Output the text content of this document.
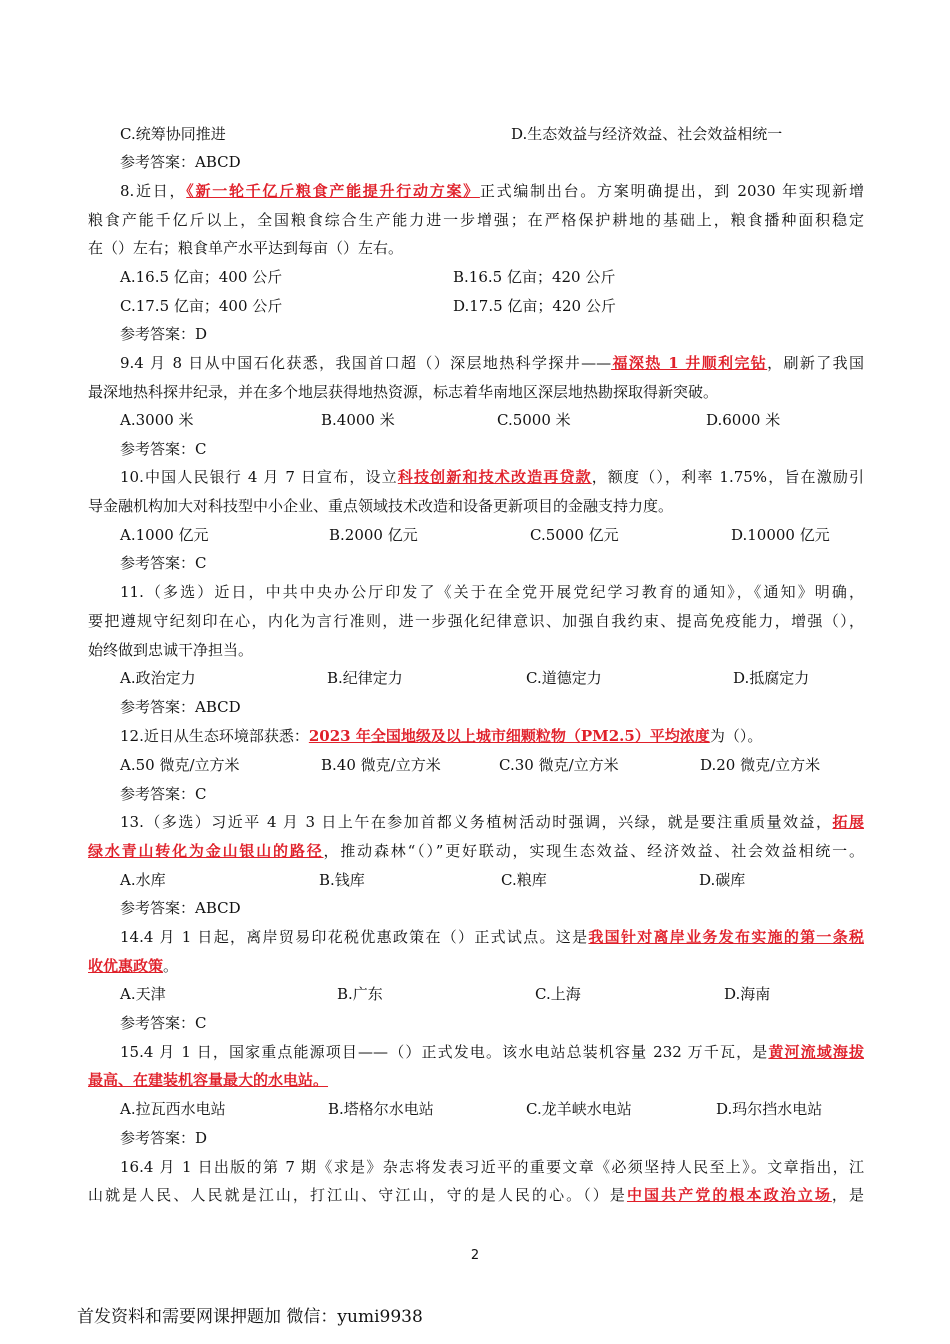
C.统筹协同推进	D.生态效益与经济效益、社会效益相统一
参考答案：ABCD
8.近日，《新一轮千亿斤粮食产能提升行动方案》正式编制出台。方案明确提出，到 2030 年实现新增
粮食产能千亿斤以上，全国粮食综合生产能力进一步增强；在严格保护耕地的基础上，粮食播种面积稳定
在（）左右；粮食单产水平达到每亩（）左右。
A.16.5 亿亩；400 公斤	B.16.5 亿亩；420 公斤
C.17.5 亿亩；400 公斤	D.17.5 亿亩；420 公斤
参考答案：D
9.4 月 8 日从中国石化获悉，我国首口超（）深层地热科学探井——福深热 1 井顺利完钻，刷新了我国
最深地热科探井纪录，并在多个地层获得地热资源，标志着华南地区深层地热勘探取得新突破。
A.3000 米	B.4000 米	C.5000 米	D.6000 米
参考答案：C
10.中国人民银行 4 月 7 日宣布，设立科技创新和技术改造再贷款，额度（），利率 1.75%，旨在激励引
导金融机构加大对科技型中小企业、重点领域技术改造和设备更新项目的金融支持力度。
A.1000 亿元	B.2000 亿元	C.5000 亿元	D.10000 亿元
参考答案：C
11.（多选）近日，中共中央办公厅印发了《关于在全党开展党纪学习教育的通知》，《通知》明确，
要把遵规守纪刻印在心，内化为言行准则，进一步强化纪律意识、加强自我约束、提高免疫能力，增强（），
始终做到忠诚干净担当。
A.政治定力	B.纪律定力	C.道德定力	D.抵腐定力
参考答案：ABCD
12.近日从生态环境部获悉：2023 年全国地级及以上城市细颗粒物（PM2.5）平均浓度为（）。
A.50 微克/立方米	B.40 微克/立方米	C.30 微克/立方米	D.20 微克/立方米
参考答案：C
13.（多选）习近平 4 月 3 日上午在参加首都义务植树活动时强调，兴绿，就是要注重质量效益，拓展
绿水青山转化为金山银山的路径，推动森林“（）”更好联动，实现生态效益、经济效益、社会效益相统一。
A.水库	B.钱库	C.粮库	D.碳库
参考答案：ABCD
14.4 月 1 日起，离岸贸易印花税优惠政策在（）正式试点。这是我国针对离岸业务发布实施的第一条税
收优惠政策。
A.天津	B.广东	C.上海	D.海南
参考答案：C
15.4 月 1 日，国家重点能源项目——（）正式发电。该水电站总装机容量 232 万千瓦，是黄河流域海拔
最高、在建装机容量最大的水电站。
A.拉瓦西水电站	B.塔格尔水电站	C.龙羊峡水电站	D.玛尔挡水电站
参考答案：D
16.4 月 1 日出版的第 7 期《求是》杂志将发表习近平的重要文章《必须坚持人民至上》。文章指出，江
山就是人民、人民就是江山，打江山、守江山，守的是人民的心。（）是中国共产党的根本政治立场，是
2
首发资料和需要网课押题加 微信：yumi9938
